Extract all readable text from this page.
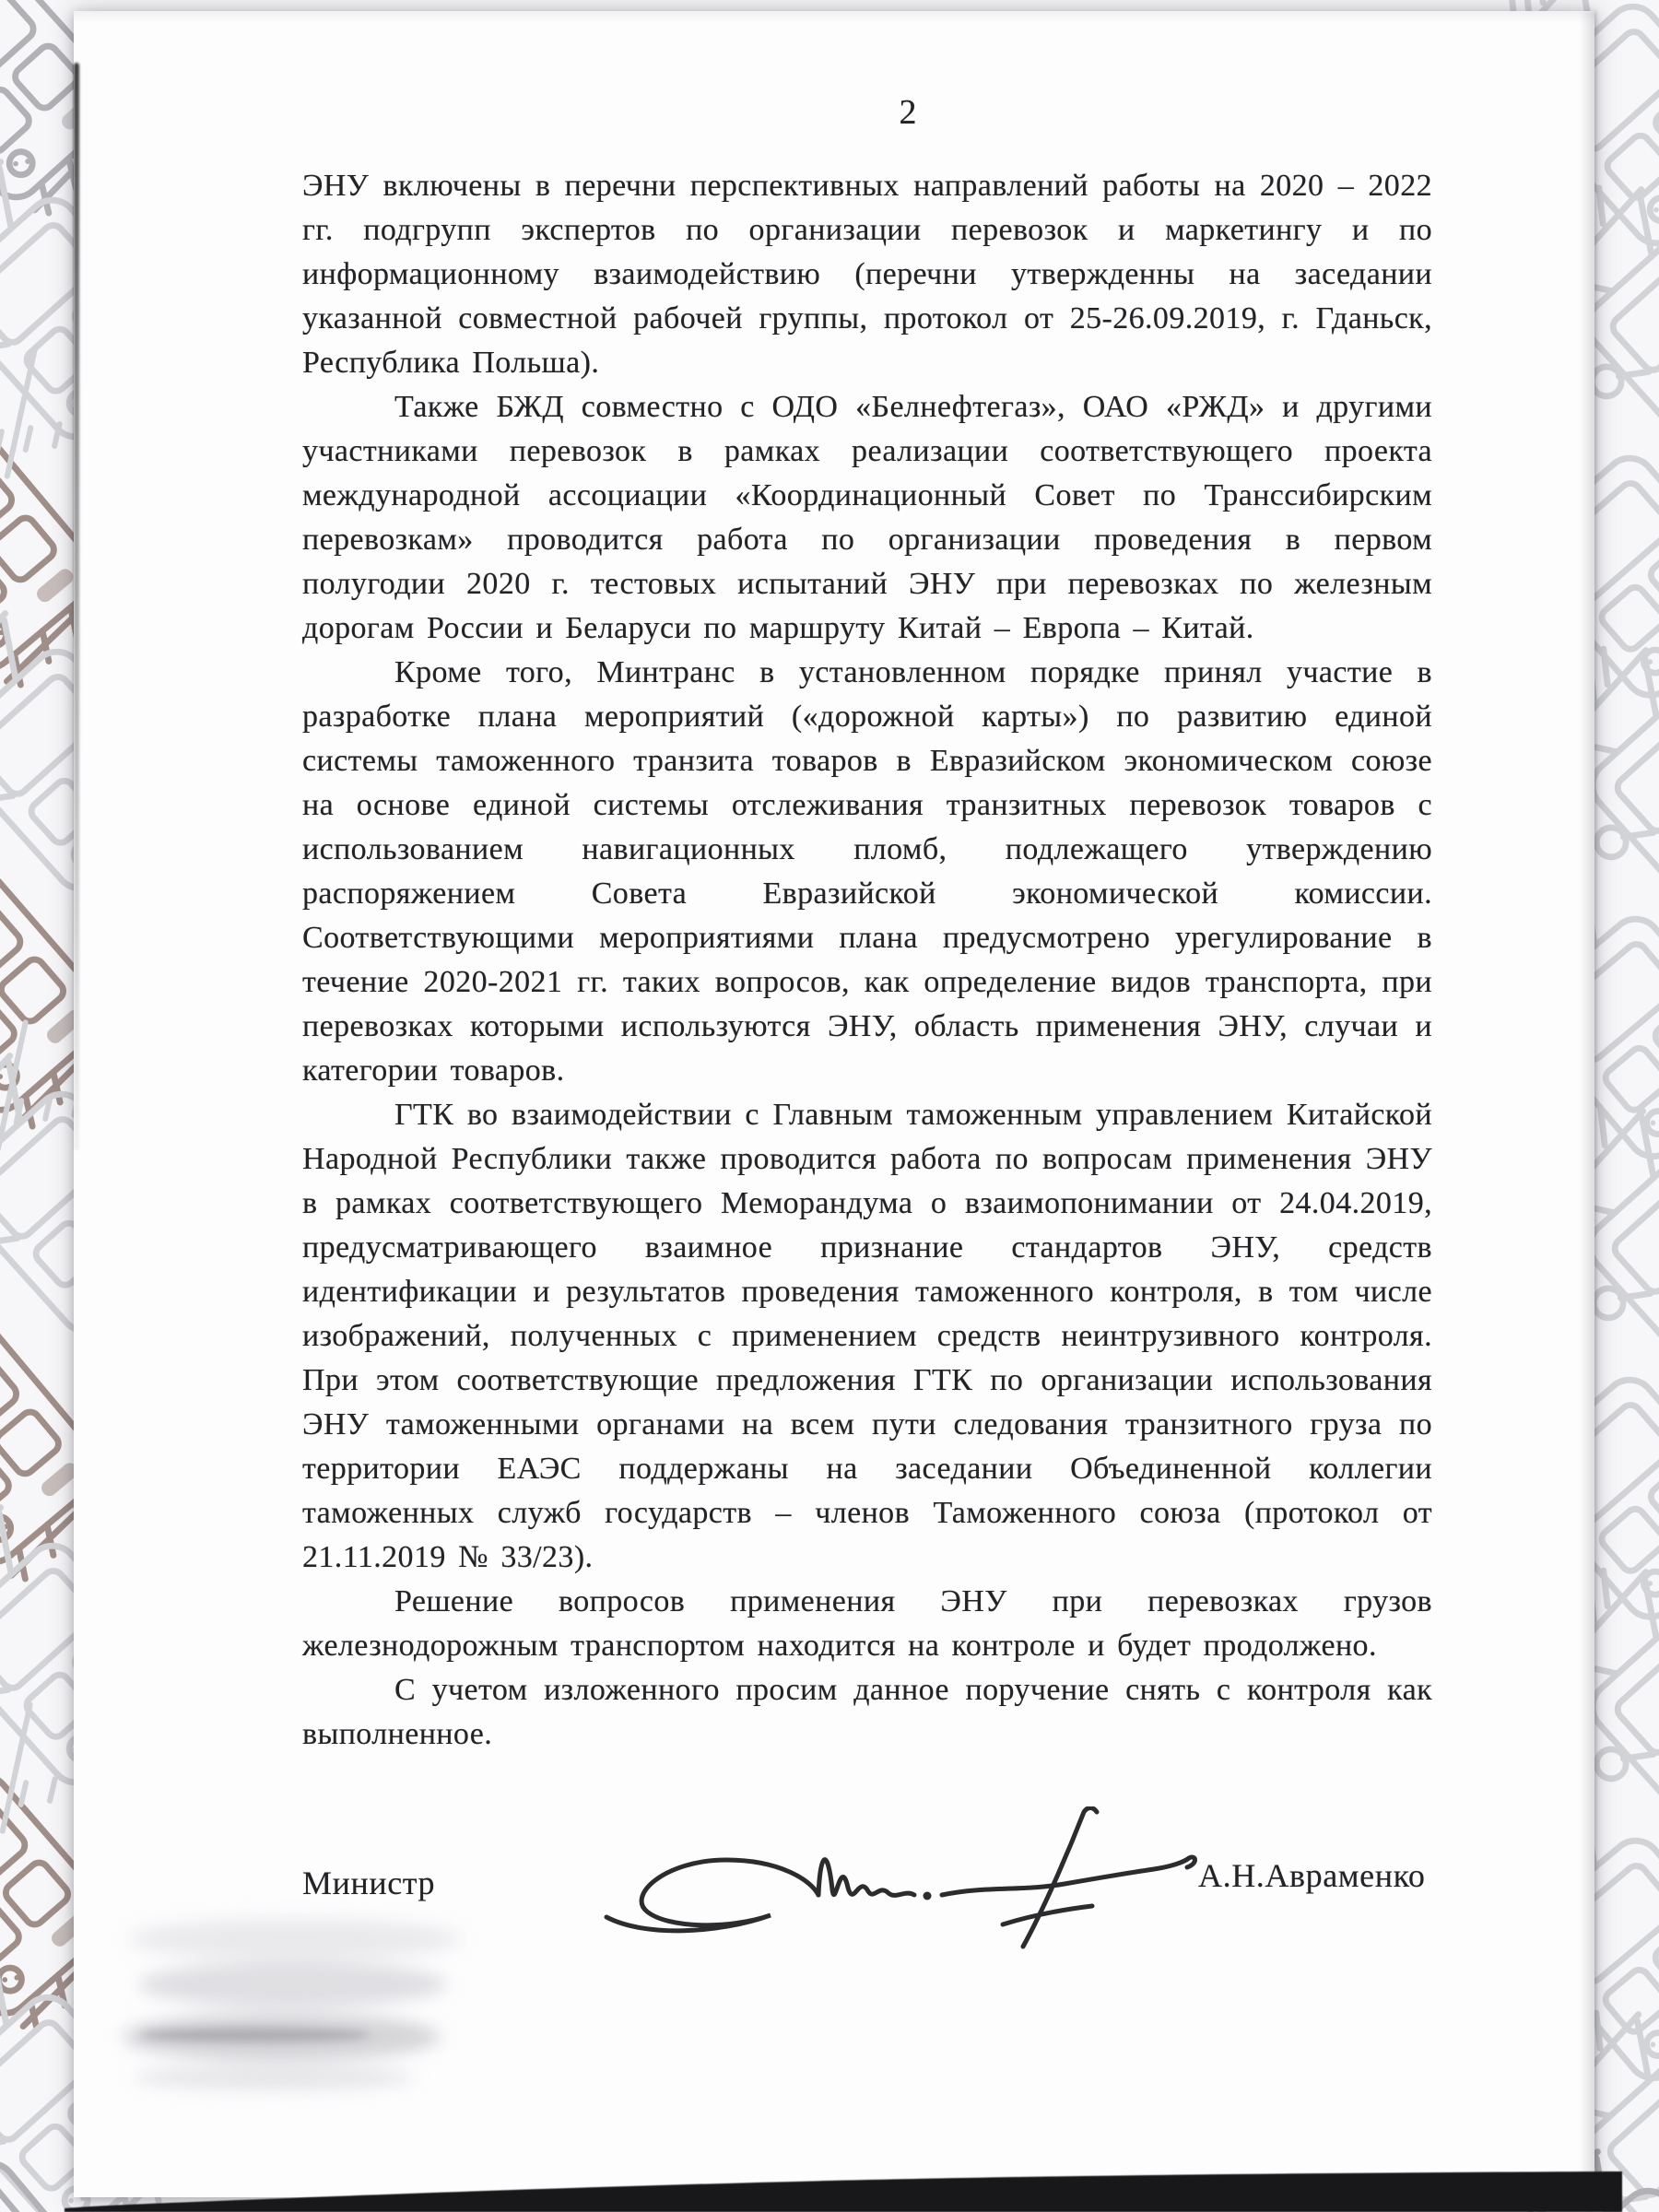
2

ЭНУ включены в перечни перспективных направлений работы на 2020 – 2022 гг. подгрупп экспертов по организации перевозок и маркетингу и по информационному взаимодействию (перечни утвержденны на заседании указанной совместной рабочей группы, протокол от 25-26.09.2019, г. Гданьск, Республика Польша).

Также БЖД совместно с ОДО «Белнефтегаз», ОАО «РЖД» и другими участниками перевозок в рамках реализации соответствующего проекта международной ассоциации «Координационный Совет по Транссибирским перевозкам» проводится работа по организации проведения в первом полугодии 2020 г. тестовых испытаний ЭНУ при перевозках по железным дорогам России и Беларуси по маршруту Китай – Европа – Китай.

Кроме того, Минтранс в установленном порядке принял участие в разработке плана мероприятий («дорожной карты») по развитию единой системы таможенного транзита товаров в Евразийском экономическом союзе на основе единой системы отслеживания транзитных перевозок товаров с использованием навигационных пломб, подлежащего утверждению распоряжением Совета Евразийской экономической комиссии. Соответствующими мероприятиями плана предусмотрено урегулирование в течение 2020-2021 гг. таких вопросов, как определение видов транспорта, при перевозках которыми используются ЭНУ, область применения ЭНУ, случаи и категории товаров.

ГТК во взаимодействии с Главным таможенным управлением Китайской Народной Республики также проводится работа по вопросам применения ЭНУ в рамках соответствующего Меморандума о взаимопонимании от 24.04.2019, предусматривающего взаимное признание стандартов ЭНУ, средств идентификации и результатов проведения таможенного контроля, в том числе изображений, полученных с применением средств неинтрузивного контроля. При этом соответствующие предложения ГТК по организации использования ЭНУ таможенными органами на всем пути следования транзитного груза по территории ЕАЭС поддержаны на заседании Объединенной коллегии таможенных служб государств – членов Таможенного союза (протокол от 21.11.2019 № 33/23).

Решение вопросов применения ЭНУ при перевозках грузов железнодорожным транспортом находится на контроле и будет продолжено.

С учетом изложенного просим данное поручение снять с контроля как выполненное.

Министр	А.Н.Авраменко
